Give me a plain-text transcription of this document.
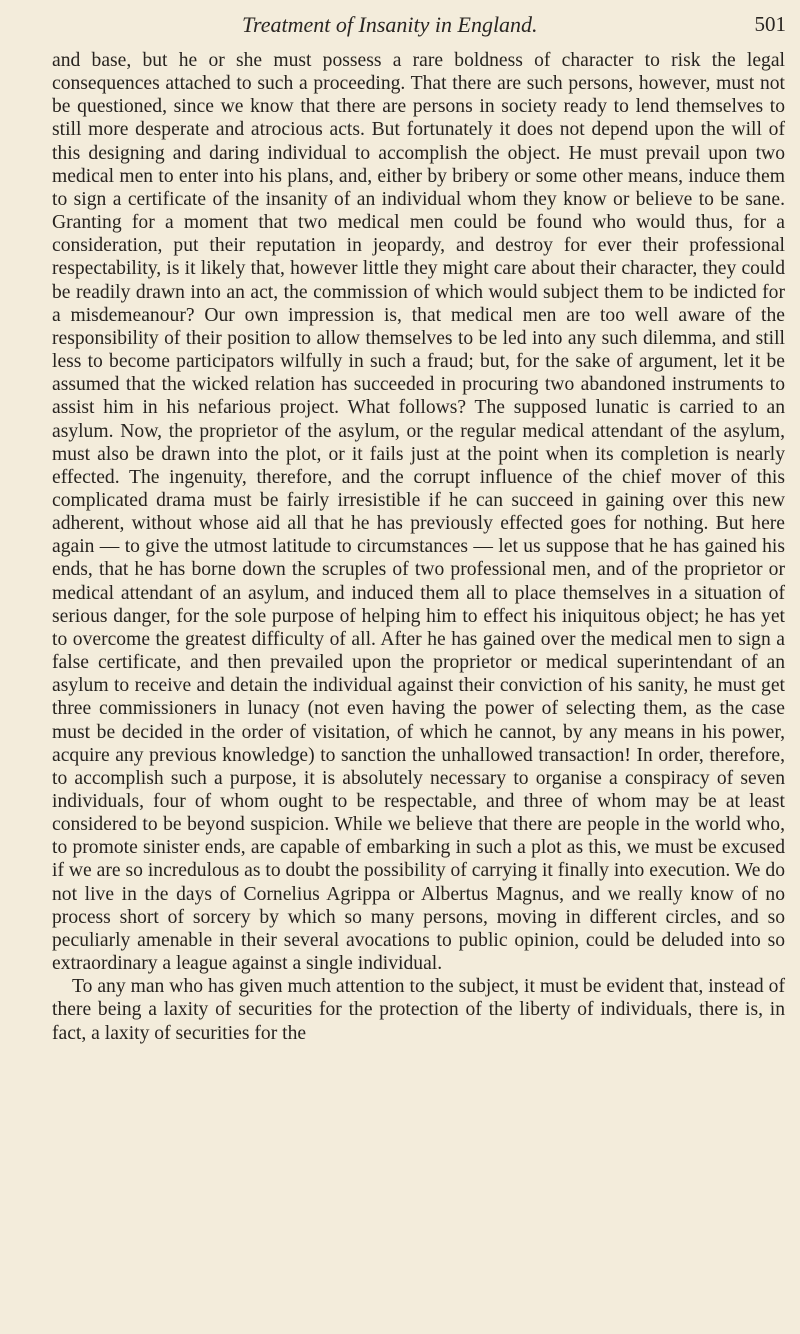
Treatment of Insanity in England.	501

and base, but he or she must possess a rare boldness of character to risk the legal consequences attached to such a proceeding. That there are such persons, however, must not be questioned, since we know that there are persons in society ready to lend themselves to still more desperate and atrocious acts. But fortunately it does not depend upon the will of this designing and daring individual to accomplish the object. He must prevail upon two medical men to enter into his plans, and, either by bribery or some other means, induce them to sign a certificate of the insanity of an individual whom they know or believe to be sane. Granting for a moment that two medical men could be found who would thus, for a consideration, put their reputation in jeopardy, and destroy for ever their professional respectability, is it likely that, however little they might care about their character, they could be readily drawn into an act, the commission of which would subject them to be indicted for a misdemeanour? Our own impression is, that medical men are too well aware of the responsibility of their position to allow themselves to be led into any such dilemma, and still less to become participators wilfully in such a fraud; but, for the sake of argument, let it be assumed that the wicked relation has succeeded in procuring two abandoned instruments to assist him in his nefarious project. What follows? The supposed lunatic is carried to an asylum. Now, the proprietor of the asylum, or the regular medical attendant of the asylum, must also be drawn into the plot, or it fails just at the point when its completion is nearly effected. The ingenuity, therefore, and the corrupt influence of the chief mover of this complicated drama must be fairly irresistible if he can succeed in gaining over this new adherent, without whose aid all that he has previously effected goes for nothing. But here again — to give the utmost latitude to circumstances — let us suppose that he has gained his ends, that he has borne down the scruples of two professional men, and of the proprietor or medical attendant of an asylum, and induced them all to place themselves in a situation of serious danger, for the sole purpose of helping him to effect his iniquitous object; he has yet to overcome the greatest difficulty of all. After he has gained over the medical men to sign a false certificate, and then prevailed upon the proprietor or medical superintendant of an asylum to receive and detain the individual against their conviction of his sanity, he must get three commissioners in lunacy (not even having the power of selecting them, as the case must be decided in the order of visitation, of which he cannot, by any means in his power, acquire any previous knowledge) to sanction the unhallowed transaction! In order, therefore, to accomplish such a purpose, it is absolutely necessary to organise a conspiracy of seven individuals, four of whom ought to be respectable, and three of whom may be at least considered to be beyond suspicion. While we believe that there are people in the world who, to promote sinister ends, are capable of embarking in such a plot as this, we must be excused if we are so incredulous as to doubt the possibility of carrying it finally into execution. We do not live in the days of Cornelius Agrippa or Albertus Magnus, and we really know of no process short of sorcery by which so many persons, moving in different circles, and so peculiarly amenable in their several avocations to public opinion, could be deluded into so extraordinary a league against a single individual.

To any man who has given much attention to the subject, it must be evident that, instead of there being a laxity of securities for the protection of the liberty of individuals, there is, in fact, a laxity of securities for the
